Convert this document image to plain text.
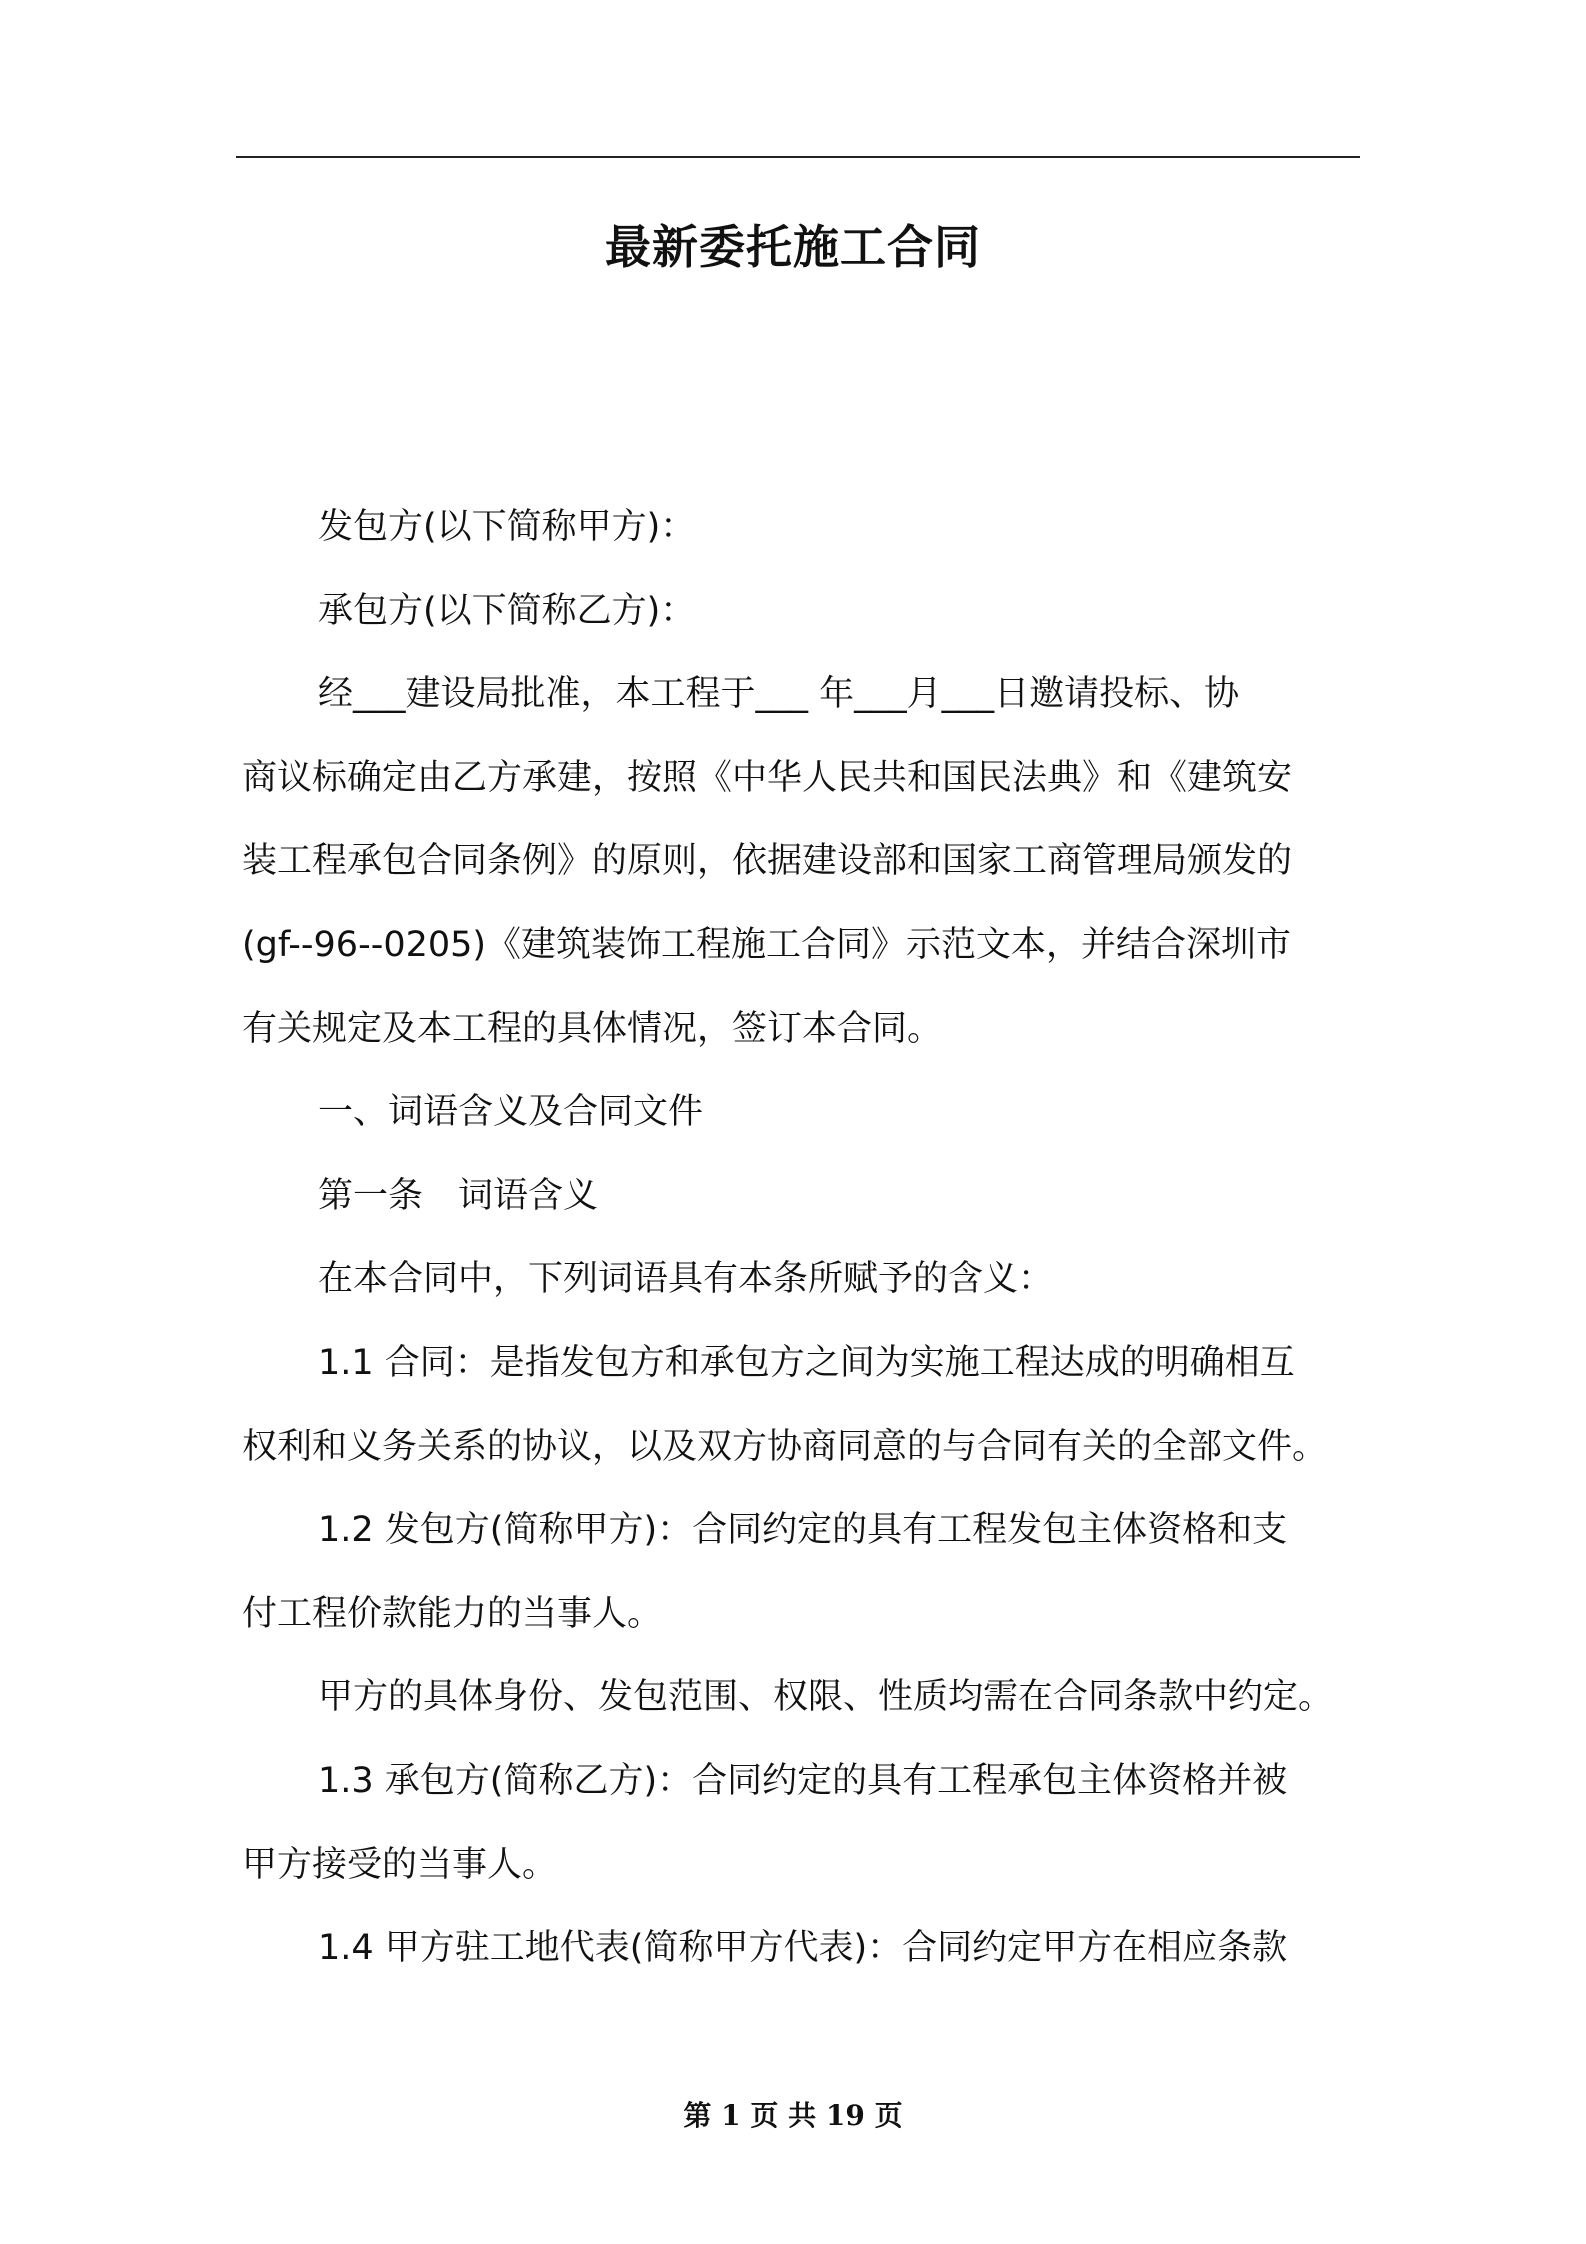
最新委托施工合同

发包方(以下简称甲方)：

承包方(以下简称乙方)：

经___建设局批准，本工程于___ 年___月___日邀请投标、协

商议标确定由乙方承建，按照《中华人民共和国民法典》和《建筑安

装工程承包合同条例》的原则，依据建设部和国家工商管理局颁发的

(gf--96--0205)《建筑装饰工程施工合同》示范文本，并结合深圳市

有关规定及本工程的具体情况，签订本合同。

一、词语含义及合同文件

第一条　词语含义

在本合同中，下列词语具有本条所赋予的含义：

1.1 合同：是指发包方和承包方之间为实施工程达成的明确相互

权利和义务关系的协议，以及双方协商同意的与合同有关的全部文件。

1.2 发包方(简称甲方)：合同约定的具有工程发包主体资格和支

付工程价款能力的当事人。

甲方的具体身份、发包范围、权限、性质均需在合同条款中约定。

1.3 承包方(简称乙方)：合同约定的具有工程承包主体资格并被

甲方接受的当事人。

1.4 甲方驻工地代表(简称甲方代表)：合同约定甲方在相应条款

第 1 页 共 19 页
